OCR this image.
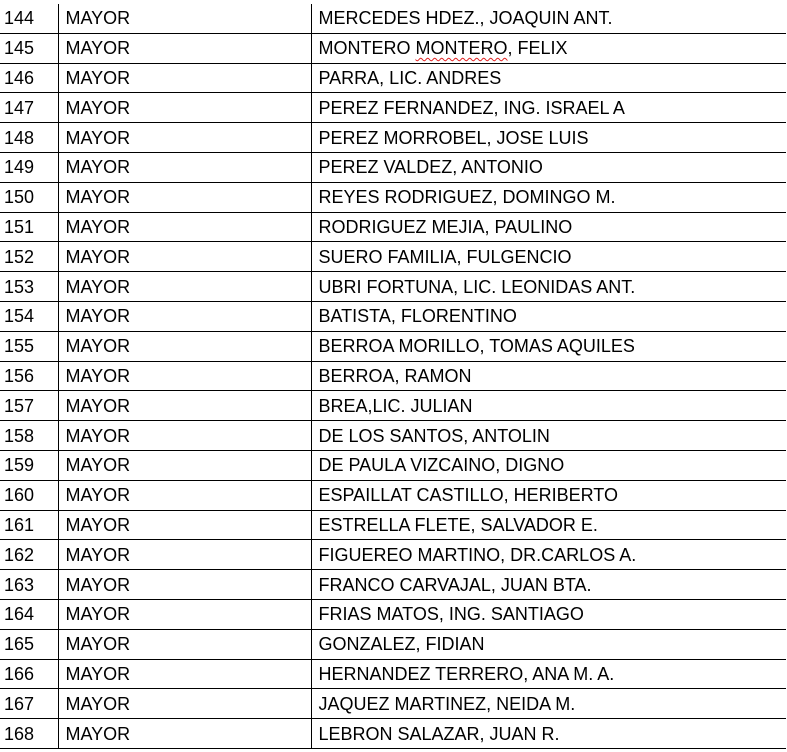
144	MAYOR	MERCEDES HDEZ., JOAQUIN ANT.
145	MAYOR	MONTERO MONTERO, FELIX
146	MAYOR	PARRA, LIC. ANDRES
147	MAYOR	PEREZ FERNANDEZ, ING. ISRAEL A
148	MAYOR	PEREZ MORROBEL, JOSE LUIS
149	MAYOR	PEREZ VALDEZ, ANTONIO
150	MAYOR	REYES RODRIGUEZ, DOMINGO M.
151	MAYOR	RODRIGUEZ MEJIA, PAULINO
152	MAYOR	SUERO FAMILIA, FULGENCIO
153	MAYOR	UBRI FORTUNA, LIC. LEONIDAS ANT.
154	MAYOR	BATISTA, FLORENTINO
155	MAYOR	BERROA MORILLO, TOMAS AQUILES
156	MAYOR	BERROA, RAMON
157	MAYOR	BREA,LIC. JULIAN
158	MAYOR	DE LOS SANTOS, ANTOLIN
159	MAYOR	DE PAULA VIZCAINO, DIGNO
160	MAYOR	ESPAILLAT CASTILLO, HERIBERTO
161	MAYOR	ESTRELLA FLETE, SALVADOR E.
162	MAYOR	FIGUEREO MARTINO, DR.CARLOS A.
163	MAYOR	FRANCO CARVAJAL, JUAN BTA.
164	MAYOR	FRIAS MATOS, ING. SANTIAGO
165	MAYOR	GONZALEZ, FIDIAN
166	MAYOR	HERNANDEZ TERRERO, ANA M. A.
167	MAYOR	JAQUEZ MARTINEZ, NEIDA M.
168	MAYOR	LEBRON SALAZAR, JUAN R.
